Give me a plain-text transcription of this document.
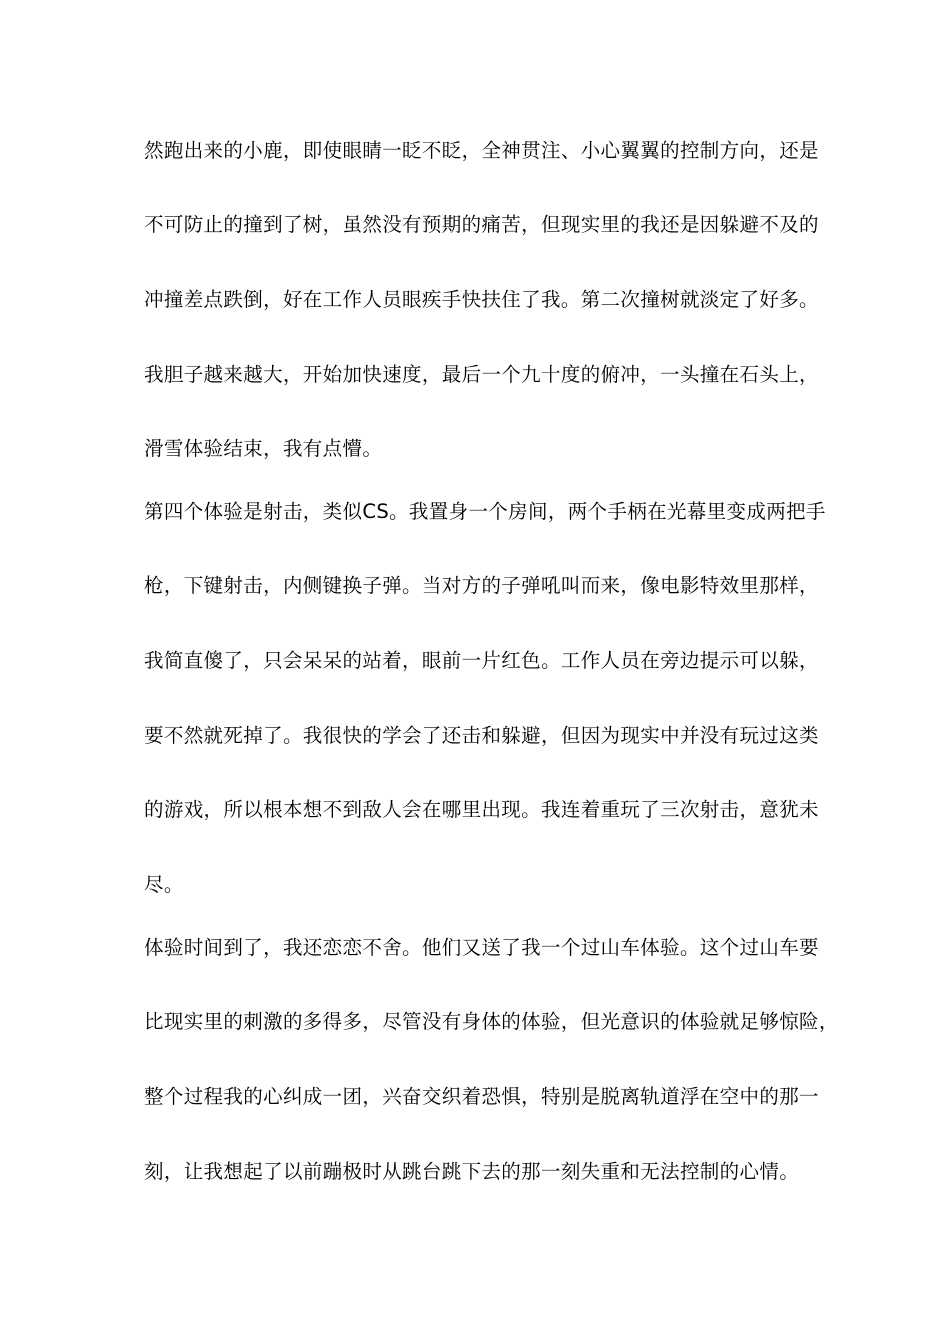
然跑出来的小鹿，即使眼睛一眨不眨，全神贯注、小心翼翼的控制方向，还是
不可防止的撞到了树，虽然没有预期的痛苦，但现实里的我还是因躲避不及的
冲撞差点跌倒，好在工作人员眼疾手快扶住了我。第二次撞树就淡定了好多。
我胆子越来越大，开始加快速度，最后一个九十度的俯冲，一头撞在石头上，
滑雪体验结束，我有点懵。
第四个体验是射击，类似CS。我置身一个房间，两个手柄在光幕里变成两把手
枪，下键射击，内侧键换子弹。当对方的子弹吼叫而来，像电影特效里那样，
我简直傻了，只会呆呆的站着，眼前一片红色。工作人员在旁边提示可以躲，
要不然就死掉了。我很快的学会了还击和躲避，但因为现实中并没有玩过这类
的游戏，所以根本想不到敌人会在哪里出现。我连着重玩了三次射击，意犹未
尽。
体验时间到了，我还恋恋不舍。他们又送了我一个过山车体验。这个过山车要
比现实里的刺激的多得多，尽管没有身体的体验，但光意识的体验就足够惊险，
整个过程我的心纠成一团，兴奋交织着恐惧，特别是脱离轨道浮在空中的那一
刻，让我想起了以前蹦极时从跳台跳下去的那一刻失重和无法控制的心情。
